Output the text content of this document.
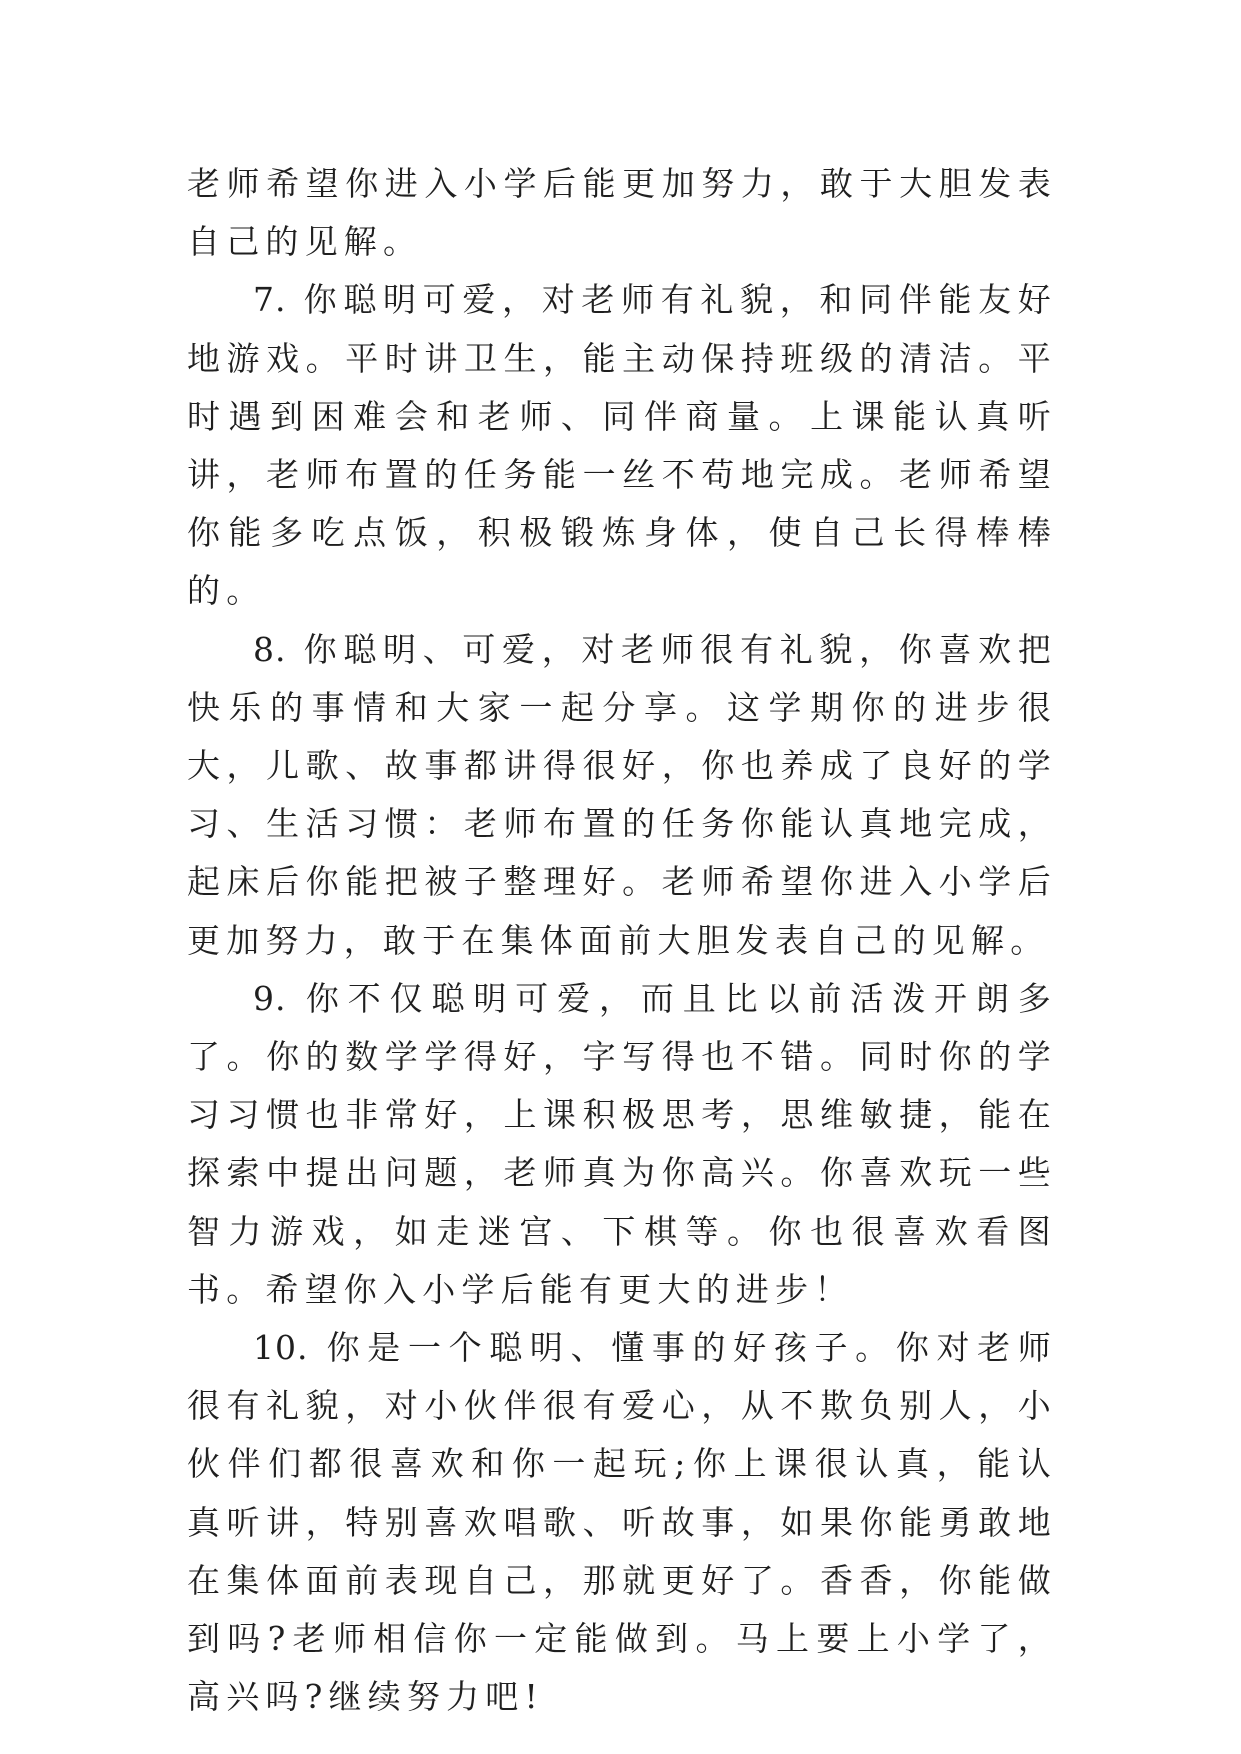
老师希望你进入小学后能更加努力，敢于大胆发表自己的见解。

7. 你聪明可爱，对老师有礼貌，和同伴能友好地游戏。平时讲卫生，能主动保持班级的清洁。平时遇到困难会和老师、同伴商量。上课能认真听讲，老师布置的任务能一丝不苟地完成。老师希望你能多吃点饭，积极锻炼身体，使自己长得棒棒的。

8. 你聪明、可爱，对老师很有礼貌，你喜欢把快乐的事情和大家一起分享。这学期你的进步很大，儿歌、故事都讲得很好，你也养成了良好的学习、生活习惯：老师布置的任务你能认真地完成，起床后你能把被子整理好。老师希望你进入小学后更加努力，敢于在集体面前大胆发表自己的见解。

9. 你不仅聪明可爱，而且比以前活泼开朗多了。你的数学学得好，字写得也不错。同时你的学习习惯也非常好，上课积极思考，思维敏捷，能在探索中提出问题，老师真为你高兴。你喜欢玩一些智力游戏，如走迷宫、下棋等。你也很喜欢看图书。希望你入小学后能有更大的进步！

10. 你是一个聪明、懂事的好孩子。你对老师很有礼貌，对小伙伴很有爱心，从不欺负别人，小伙伴们都很喜欢和你一起玩;你上课很认真，能认真听讲，特别喜欢唱歌、听故事，如果你能勇敢地在集体面前表现自己，那就更好了。香香，你能做到吗?老师相信你一定能做到。马上要上小学了，高兴吗?继续努力吧!
